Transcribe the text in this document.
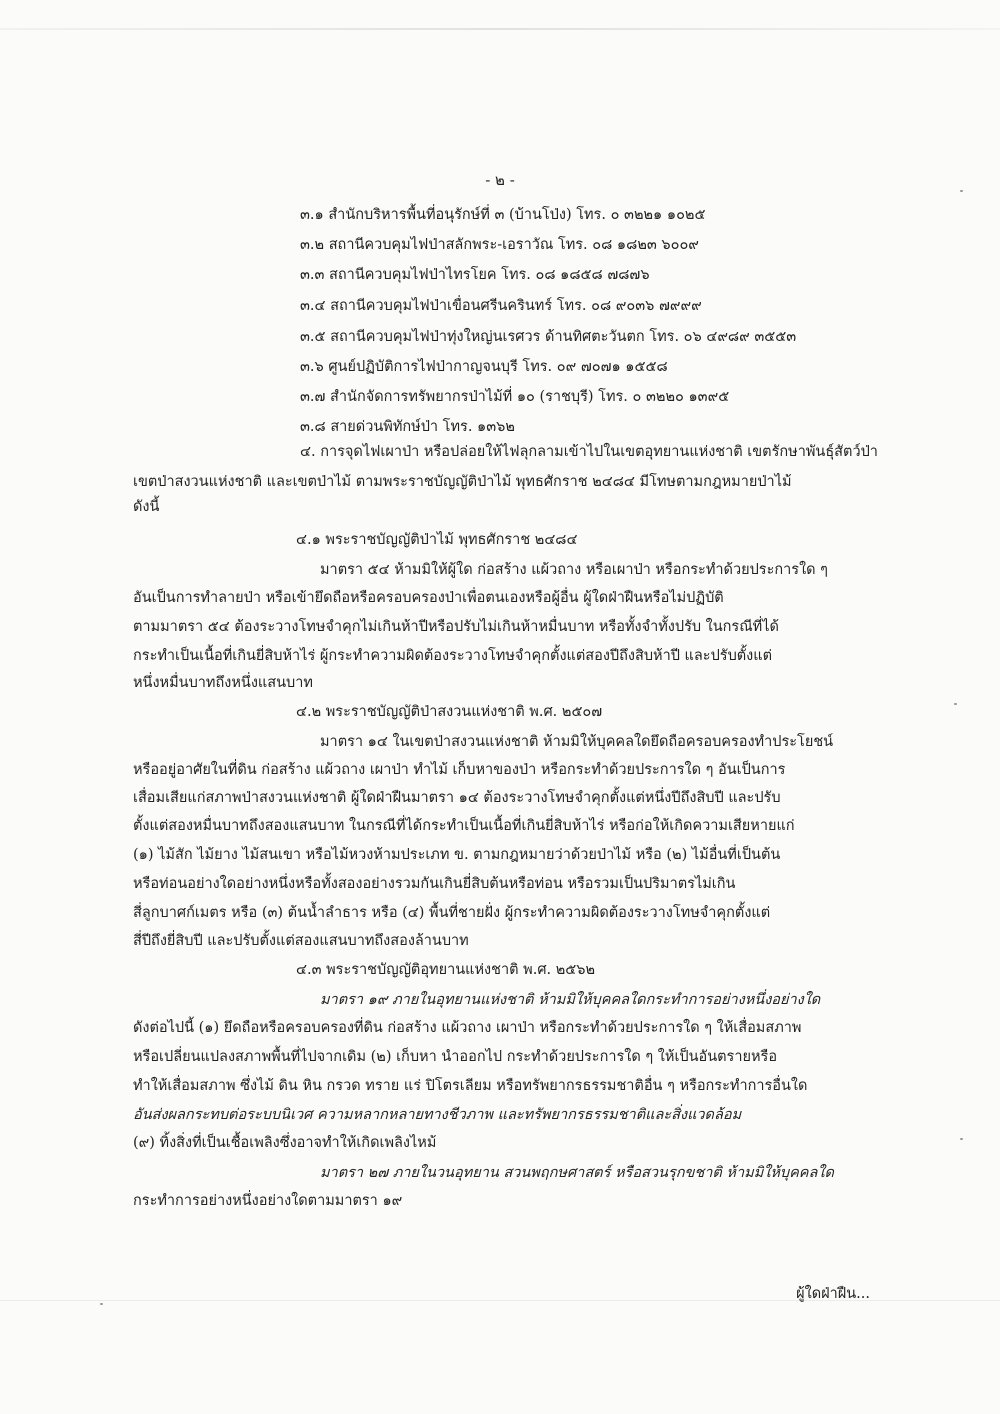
- ๒ -
๓.๑ สำนักบริหารพื้นที่อนุรักษ์ที่ ๓ (บ้านโป่ง) โทร. ๐ ๓๒๒๑ ๑๐๒๕
๓.๒ สถานีควบคุมไฟป่าสลักพระ-เอราวัณ โทร. ๐๘ ๑๘๒๓ ๖๐๐๙
๓.๓ สถานีควบคุมไฟป่าไทรโยค โทร. ๐๘ ๑๘๕๘ ๗๘๗๖
๓.๔ สถานีควบคุมไฟป่าเขื่อนศรีนครินทร์ โทร. ๐๘ ๙๐๓๖ ๗๙๙๙
๓.๕ สถานีควบคุมไฟป่าทุ่งใหญ่นเรศวร ด้านทิศตะวันตก โทร. ๐๖ ๔๙๘๙ ๓๕๕๓
๓.๖ ศูนย์ปฏิบัติการไฟป่ากาญจนบุรี โทร. ๐๙ ๗๐๗๑ ๑๕๕๘
๓.๗ สำนักจัดการทรัพยากรป่าไม้ที่ ๑๐ (ราชบุรี) โทร. ๐ ๓๒๒๐ ๑๓๙๕
๓.๘ สายด่วนพิทักษ์ป่า โทร. ๑๓๖๒
๔. การจุดไฟเผาป่า หรือปล่อยให้ไฟลุกลามเข้าไปในเขตอุทยานแห่งชาติ เขตรักษาพันธุ์สัตว์ป่า
เขตป่าสงวนแห่งชาติ และเขตป่าไม้ ตามพระราชบัญญัติป่าไม้ พุทธศักราช ๒๔๘๔ มีโทษตามกฎหมายป่าไม้
ดังนี้
๔.๑ พระราชบัญญัติป่าไม้ พุทธศักราช ๒๔๘๔
มาตรา ๕๔ ห้ามมิให้ผู้ใด ก่อสร้าง แผ้วถาง หรือเผาป่า หรือกระทำด้วยประการใด ๆ
อันเป็นการทำลายป่า หรือเข้ายึดถือหรือครอบครองป่าเพื่อตนเองหรือผู้อื่น ผู้ใดฝ่าฝืนหรือไม่ปฏิบัติ
ตามมาตรา ๕๔ ต้องระวางโทษจำคุกไม่เกินห้าปีหรือปรับไม่เกินห้าหมื่นบาท หรือทั้งจำทั้งปรับ ในกรณีที่ได้
กระทำเป็นเนื้อที่เกินยี่สิบห้าไร่ ผู้กระทำความผิดต้องระวางโทษจำคุกตั้งแต่สองปีถึงสิบห้าปี และปรับตั้งแต่
หนึ่งหมื่นบาทถึงหนึ่งแสนบาท
๔.๒ พระราชบัญญัติป่าสงวนแห่งชาติ พ.ศ. ๒๕๐๗
มาตรา ๑๔ ในเขตป่าสงวนแห่งชาติ ห้ามมิให้บุคคลใดยึดถือครอบครองทำประโยชน์
หรืออยู่อาศัยในที่ดิน ก่อสร้าง แผ้วถาง เผาป่า ทำไม้ เก็บหาของป่า หรือกระทำด้วยประการใด ๆ อันเป็นการ
เสื่อมเสียแก่สภาพป่าสงวนแห่งชาติ ผู้ใดฝ่าฝืนมาตรา ๑๔ ต้องระวางโทษจำคุกตั้งแต่หนึ่งปีถึงสิบปี และปรับ
ตั้งแต่สองหมื่นบาทถึงสองแสนบาท ในกรณีที่ได้กระทำเป็นเนื้อที่เกินยี่สิบห้าไร่ หรือก่อให้เกิดความเสียหายแก่
(๑) ไม้สัก ไม้ยาง ไม้สนเขา หรือไม้หวงห้ามประเภท ข. ตามกฎหมายว่าด้วยป่าไม้ หรือ (๒) ไม้อื่นที่เป็นต้น
หรือท่อนอย่างใดอย่างหนึ่งหรือทั้งสองอย่างรวมกันเกินยี่สิบต้นหรือท่อน หรือรวมเป็นปริมาตรไม่เกิน
สี่ลูกบาศก์เมตร หรือ (๓) ต้นน้ำลำธาร หรือ (๔) พื้นที่ชายฝั่ง ผู้กระทำความผิดต้องระวางโทษจำคุกตั้งแต่
สี่ปีถึงยี่สิบปี และปรับตั้งแต่สองแสนบาทถึงสองล้านบาท
๔.๓ พระราชบัญญัติอุทยานแห่งชาติ พ.ศ. ๒๕๖๒
มาตรา ๑๙ ภายในอุทยานแห่งชาติ ห้ามมิให้บุคคลใดกระทำการอย่างหนึ่งอย่างใด
ดังต่อไปนี้ (๑) ยึดถือหรือครอบครองที่ดิน ก่อสร้าง แผ้วถาง เผาป่า หรือกระทำด้วยประการใด ๆ ให้เสื่อมสภาพ
หรือเปลี่ยนแปลงสภาพพื้นที่ไปจากเดิม (๒) เก็บหา นำออกไป กระทำด้วยประการใด ๆ ให้เป็นอันตรายหรือ
ทำให้เสื่อมสภาพ ซึ่งไม้ ดิน หิน กรวด ทราย แร่ ปิโตรเลียม หรือทรัพยากรธรรมชาติอื่น ๆ หรือกระทำการอื่นใด
อันส่งผลกระทบต่อระบบนิเวศ ความหลากหลายทางชีวภาพ และทรัพยากรธรรมชาติและสิ่งแวดล้อม
(๙) ทิ้งสิ่งที่เป็นเชื้อเพลิงซึ่งอาจทำให้เกิดเพลิงไหม้
มาตรา ๒๗ ภายในวนอุทยาน สวนพฤกษศาสตร์ หรือสวนรุกขชาติ ห้ามมิให้บุคคลใด
กระทำการอย่างหนึ่งอย่างใดตามมาตรา ๑๙
ผู้ใดฝ่าฝืน...
